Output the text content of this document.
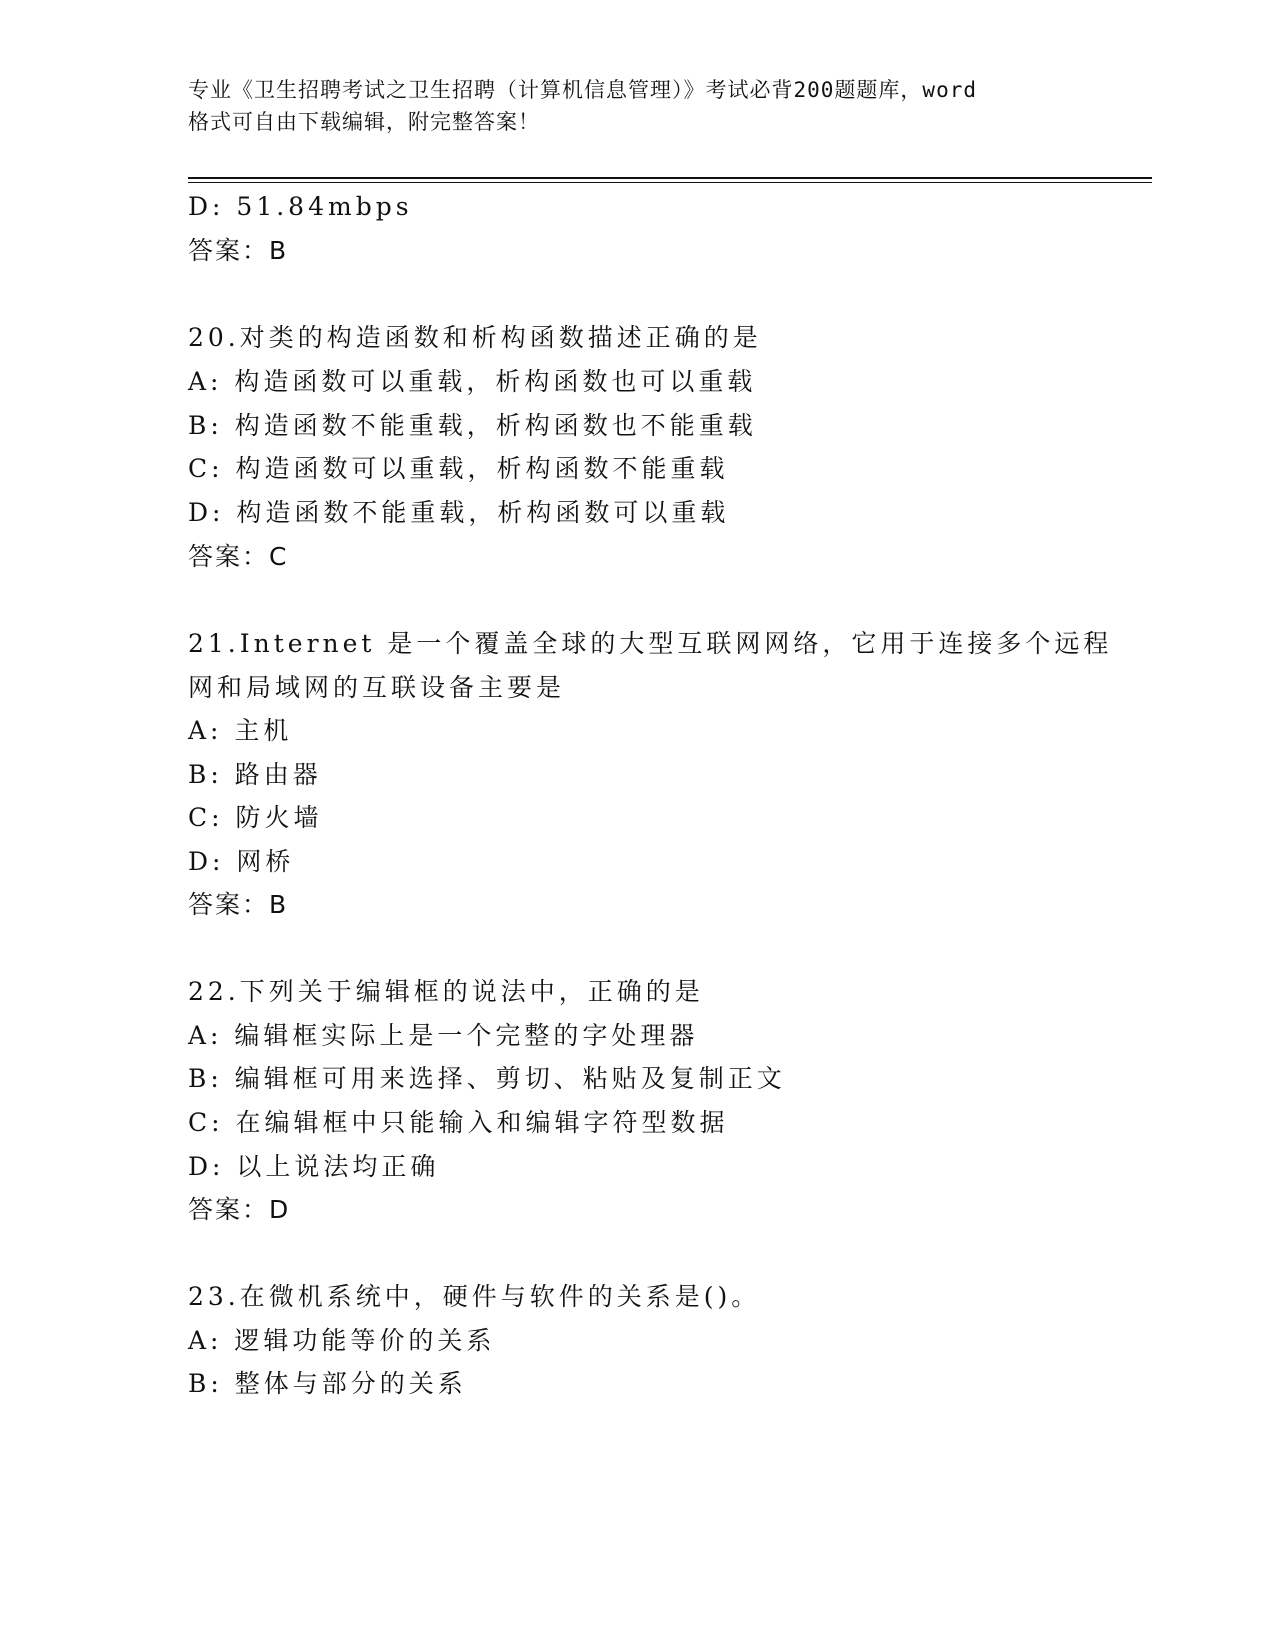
专业《卫生招聘考试之卫生招聘（计算机信息管理）》考试必背200题题库，word
格式可自由下载编辑，附完整答案！
D: 51.84mbps
答案：B
20.对类的构造函数和析构函数描述正确的是
A: 构造函数可以重载，析构函数也可以重载
B: 构造函数不能重载，析构函数也不能重载
C: 构造函数可以重载，析构函数不能重载
D: 构造函数不能重载，析构函数可以重载
答案：C
21.Internet 是一个覆盖全球的大型互联网网络，它用于连接多个远程
网和局域网的互联设备主要是
A: 主机
B: 路由器
C: 防火墙
D: 网桥
答案：B
22.下列关于编辑框的说法中，正确的是
A: 编辑框实际上是一个完整的字处理器
B: 编辑框可用来选择、剪切、粘贴及复制正文
C: 在编辑框中只能输入和编辑字符型数据
D: 以上说法均正确
答案：D
23.在微机系统中，硬件与软件的关系是()。
A: 逻辑功能等价的关系
B: 整体与部分的关系
